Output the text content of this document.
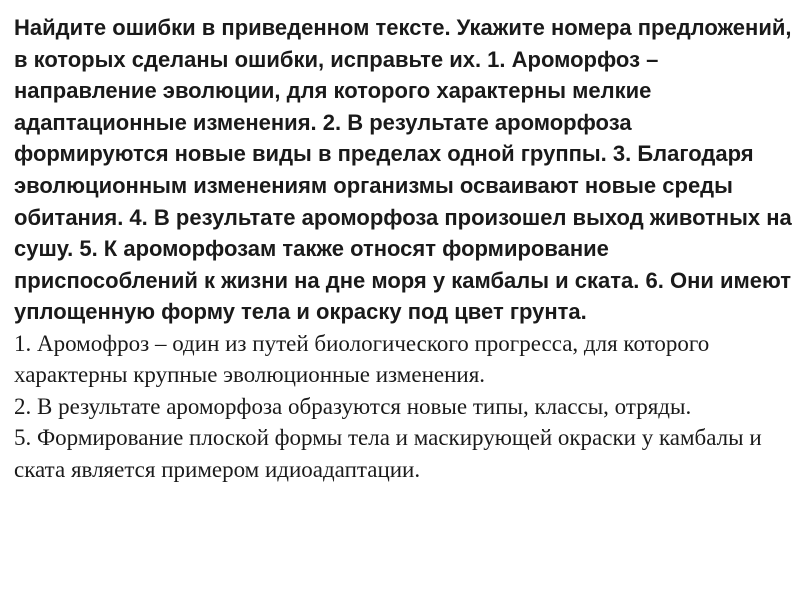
Найдите ошибки в приведенном тексте. Укажите номера предложений, в которых сделаны ошибки, исправьте их. 1. Ароморфоз – направление эволюции, для которого характерны мелкие адаптационные изменения. 2. В результате ароморфоза формируются новые виды в пределах одной группы. 3. Благодаря эволюционным изменениям организмы осваивают новые среды обитания. 4. В результате ароморфоза произошел выход животных на сушу. 5. К ароморфозам также относят формирование приспособлений к жизни на дне моря у камбалы и ската. 6. Они имеют уплощенную форму тела и окраску под цвет грунта.

1. Аромофроз – один из путей биологического прогресса, для которого характерны крупные эволюционные изменения.

2. В результате ароморфоза образуются новые типы, классы, отряды.

5. Формирование плоской формы тела и маскирующей окраски у камбалы и ската является примером идиоадаптации.
